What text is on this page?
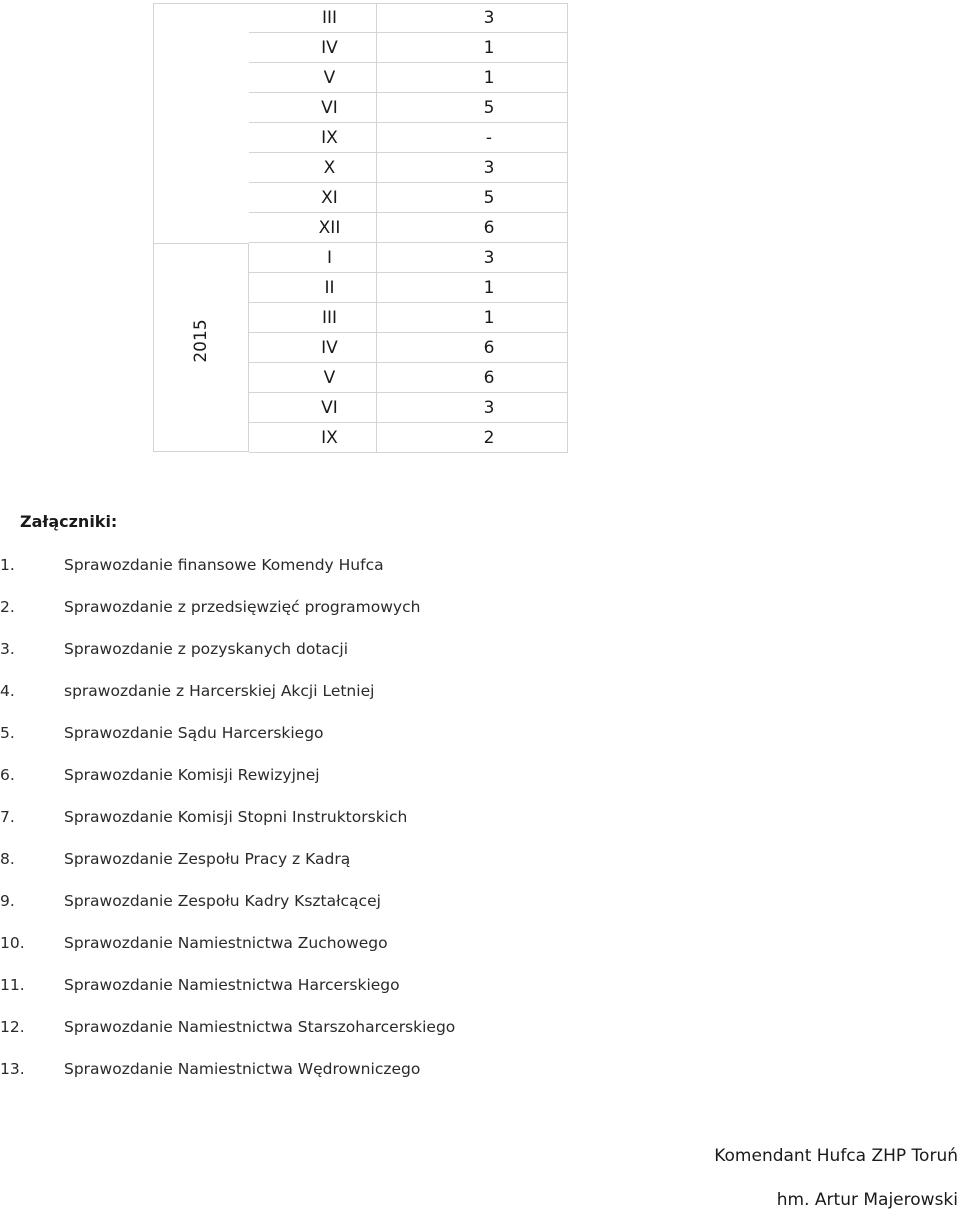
2015
III	3
IV	1
V	1
VI	5
IX	-
X	3
XI	5
XII	6
I	3
II	1
III	1
IV	6
V	6
VI	3
IX	2
Załączniki:
1.	Sprawozdanie finansowe Komendy Hufca
2.	Sprawozdanie z przedsięwzięć programowych
3.	Sprawozdanie z pozyskanych dotacji
4.	sprawozdanie z Harcerskiej Akcji Letniej
5.	Sprawozdanie Sądu Harcerskiego
6.	Sprawozdanie Komisji Rewizyjnej
7.	Sprawozdanie Komisji Stopni Instruktorskich
8.	Sprawozdanie Zespołu Pracy z Kadrą
9.	Sprawozdanie Zespołu Kadry Kształcącej
10.	Sprawozdanie Namiestnictwa Zuchowego
11.	Sprawozdanie Namiestnictwa Harcerskiego
12.	Sprawozdanie Namiestnictwa Starszoharcerskiego
13.	Sprawozdanie Namiestnictwa Wędrowniczego
Komendant Hufca ZHP Toruń
hm. Artur Majerowski
